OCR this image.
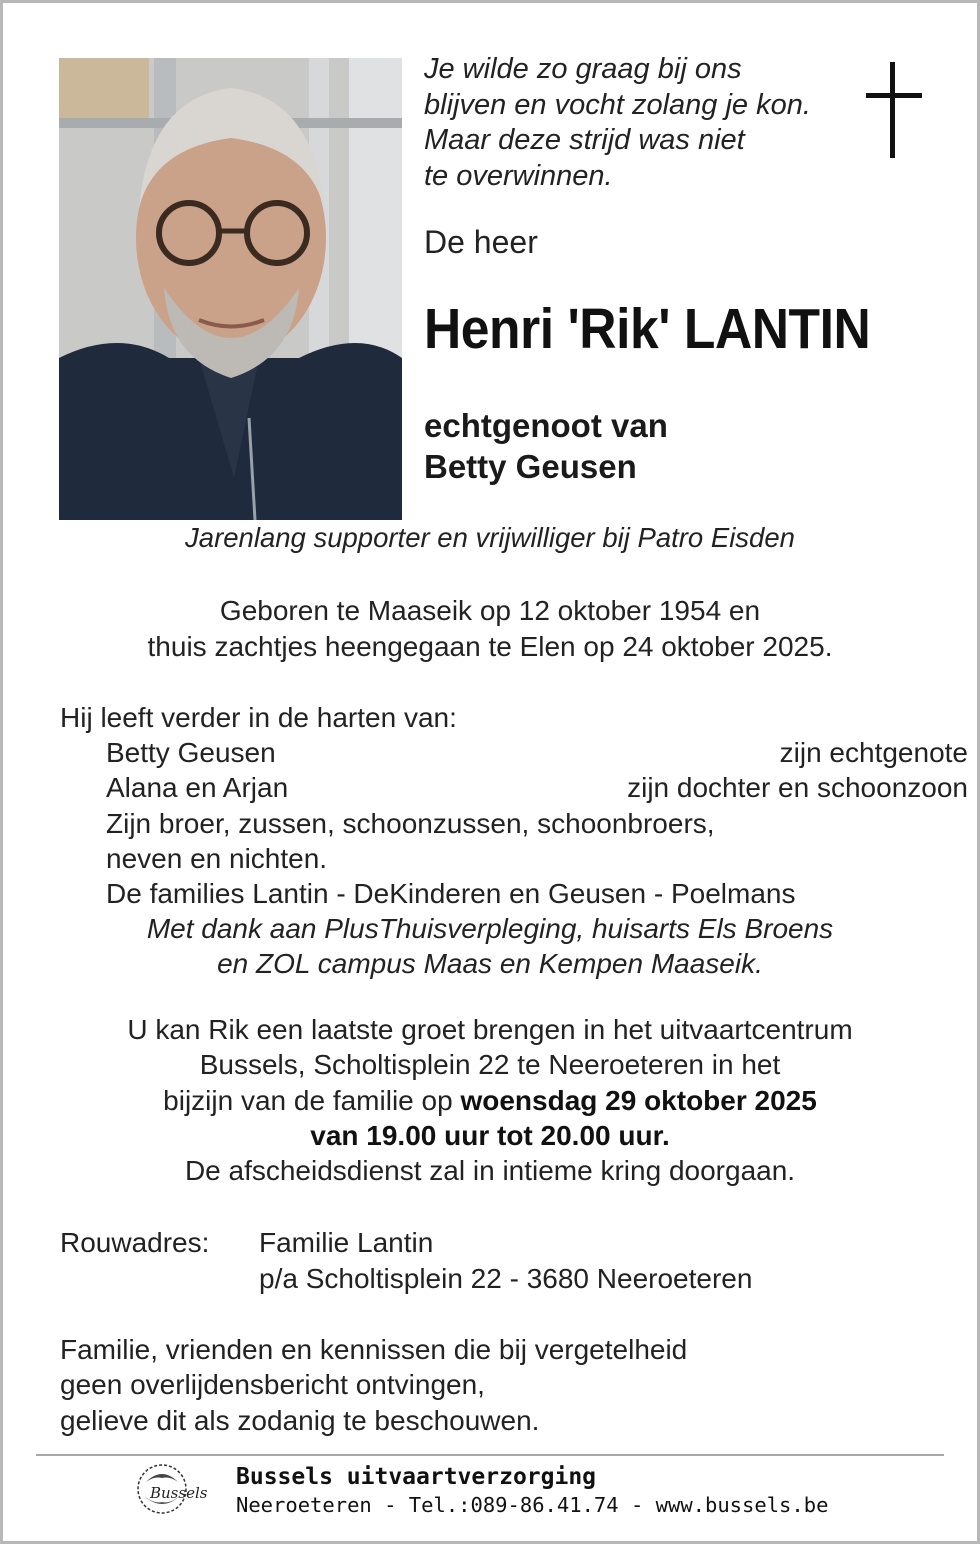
Je wilde zo graag bij ons
blijven en vocht zolang je kon.
Maar deze strijd was niet
te overwinnen.
De heer
Henri 'Rik' LANTIN
echtgenoot van
Betty Geusen
Jarenlang supporter en vrijwilliger bij Patro Eisden
Geboren te Maaseik op 12 oktober 1954 en
thuis zachtjes heengegaan te Elen op 24 oktober 2025.
Hij leeft verder in de harten van:
Betty Geusen	zijn echtgenote
Alana en Arjan	zijn dochter en schoonzoon
Zijn broer, zussen, schoonzussen, schoonbroers,
neven en nichten.
De families Lantin - DeKinderen en Geusen - Poelmans
Met dank aan PlusThuisverpleging, huisarts Els Broens
en ZOL campus Maas en Kempen Maaseik.
U kan Rik een laatste groet brengen in het uitvaartcentrum
Bussels, Scholtisplein 22 te Neeroeteren in het
bijzijn van de familie op woensdag 29 oktober 2025
van 19.00 uur tot 20.00 uur.
De afscheidsdienst zal in intieme kring doorgaan.
Rouwadres: Familie Lantin
p/a Scholtisplein 22 - 3680 Neeroeteren
Familie, vrienden en kennissen die bij vergetelheid
geen overlijdensbericht ontvingen,
gelieve dit als zodanig te beschouwen.
Bussels
Bussels uitvaartverzorging
Neeroeteren - Tel.:089-86.41.74 - www.bussels.be
